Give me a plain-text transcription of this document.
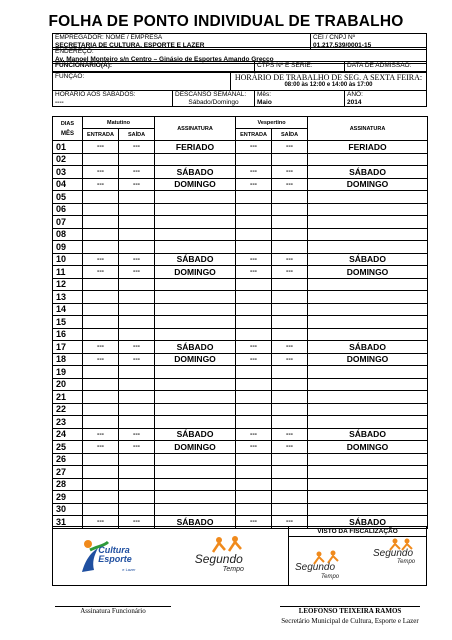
FOLHA DE PONTO INDIVIDUAL DE TRABALHO
EMPREGADOR: NOME / EMPRESA
SECRETARIA DE CULTURA, ESPORTE E LAZER

CEI / CNPJ Nº
01.217.539/0001-15
ENDEREÇO:
Av. Manoel Monteiro s/n Centro – Ginásio de Esportes Amando Grecco
FUNCIONÁRIO(A):	CTPS Nº E SÉRIE:	DATA DE ADMISSÃO:
FUNÇÃO:	HORÁRIO DE TRABALHO DE SEG. A SEXTA FEIRA:
08:00 às 12:00 e 14:00 às 17:00
HORÁRIO AOS SÁBADOS:
----

DESCANSO SEMANAL:
Sábado/Domingo

Mês:
Maio

ANO:
2014
DIAS
MÊS	Matutino		ASSINATURA	Vespertino		ASSINATURA
	ENTRADA	SAÍDA		ENTRADA	SAÍDA	
01	---	---	FERIADO	---	---	FERIADO
02						
03	---	---	SÁBADO	---	---	SÁBADO
04	---	---	DOMINGO	---	---	DOMINGO
05						
06						
07						
08						
09						
10	---	---	SÁBADO	---	---	SÁBADO
11	---	---	DOMINGO	---	---	DOMINGO
12						
13						
14						
15						
16						
17	---	---	SÁBADO	---	---	SÁBADO
18	---	---	DOMINGO	---	---	DOMINGO
19						
20						
21						
22						
23						
24	---	---	SÁBADO	---	---	SÁBADO
25	---	---	DOMINGO	---	---	DOMINGO
26						
27						
28						
29						
30						
31	---	---	SÁBADO	---	---	SÁBADO
Cultura Esporte
e Lazer
Segundo
Tempo

VISTO DA FISCALIZAÇÃO
Segundo
Tempo
Segundo
Tempo
Assinatura Funcionário	LEOFONSO TEIXEIRA RAMOS
Secretário Municipal de Cultura, Esporte e Lazer
